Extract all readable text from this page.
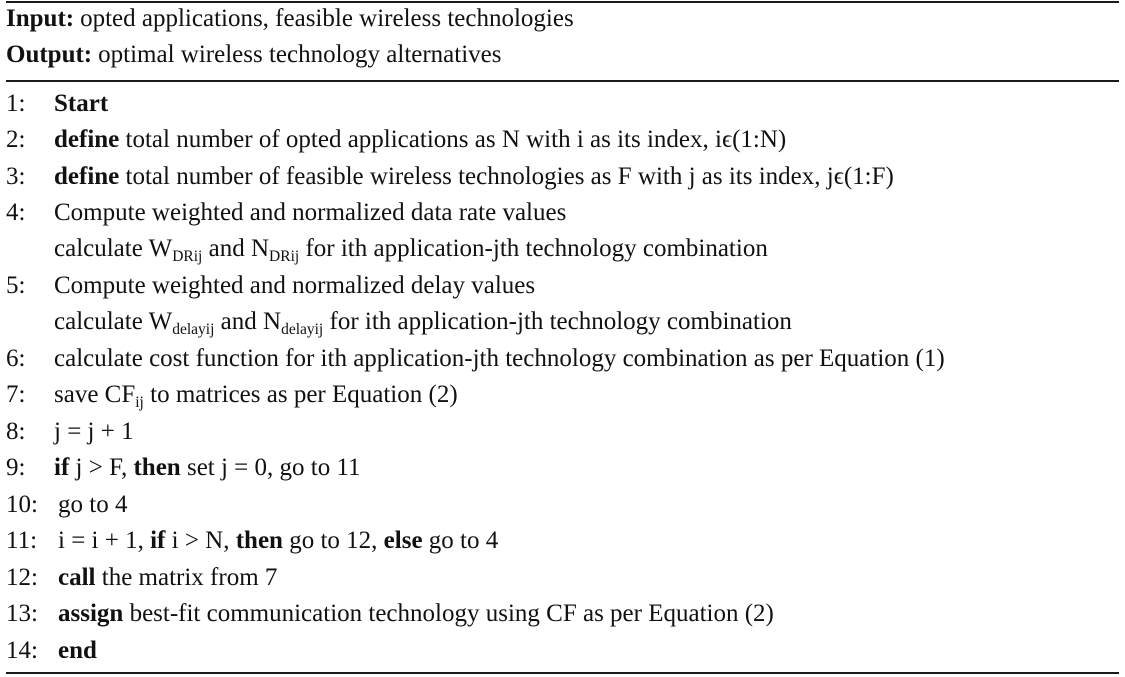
Input: opted applications, feasible wireless technologies
Output: optimal wireless technology alternatives
1: Start
2: define total number of opted applications as N with i as its index, iϵ(1:N)
3: define total number of feasible wireless technologies as F with j as its index, jϵ(1:F)
4: Compute weighted and normalized data rate values
calculate $W_{DRij}$ and $N_{DRij}$ for ith application-jth technology combination
5: Compute weighted and normalized delay values
calculate $W_{delayij}$ and $N_{delayij}$ for ith application-jth technology combination
6: calculate cost function for ith application-jth technology combination as per Equation (1)
7: save $CF_{ij}$ to matrices as per Equation (2)
8: j = j + 1
9: if j > F, then set j = 0, go to 11
10: go to 4
11: i = i + 1, if i > N, then go to 12, else go to 4
12: call the matrix from 7
13: assign best-fit communication technology using CF as per Equation (2)
14: end
